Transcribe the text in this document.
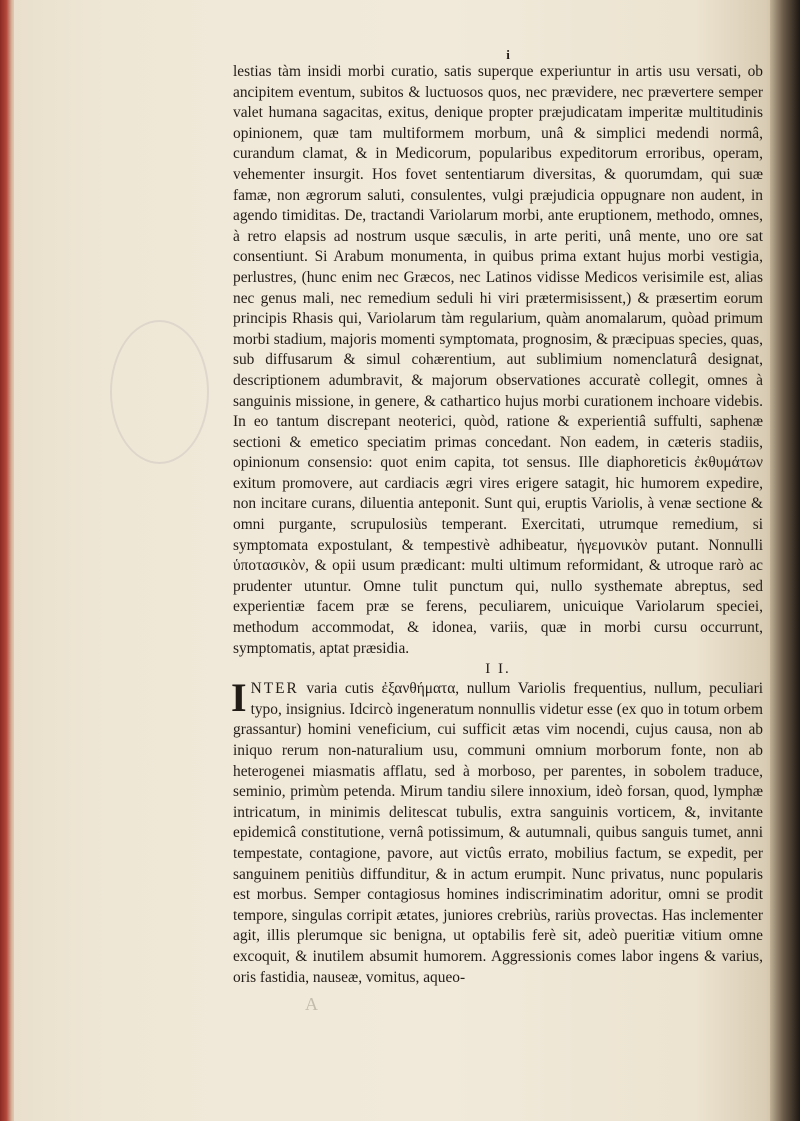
i

lestias tàm insidi morbi curatio, satis superque experiuntur in artis usu versati, ob ancipitem eventum, subitos & luctuosos quos, nec prævidere, nec prævertere semper valet humana sagacitas, exitus, denique propter præjudicatam imperitæ multitudinis opinionem, quæ tam multiformem morbum, unâ & simplici medendi normâ, curandum clamat, & in Medicorum, popularibus expeditorum erroribus, operam, vehementer insurgit. Hos fovet sententiarum diversitas, & quorumdam, qui suæ famæ, non ægrorum saluti, consulentes, vulgi præjudicia oppugnare non audent, in agendo timiditas. De, tractandi Variolarum morbi, ante eruptionem, methodo, omnes, à retro elapsis ad nostrum usque sæculis, in arte periti, unâ mente, uno ore sat consentiunt. Si Arabum monumenta, in quibus prima extant hujus morbi vestigia, perlustres, (hunc enim nec Græcos, nec Latinos vidisse Medicos verisimile est, alias nec genus mali, nec remedium seduli hi viri prætermisissent,) & præsertim eorum principis Rhasis qui, Variolarum tàm regularium, quàm anomalarum, quòad primum morbi stadium, majoris momenti symptomata, prognosim, & præcipuas species, quas, sub diffusarum & simul cohærentium, aut sublimium nomenclaturâ designat, descriptionem adumbravit, & majorum observationes accuratè collegit, omnes à sanguinis missione, in genere, & cathartico hujus morbi curationem inchoare videbis. In eo tantum discrepant neoterici, quòd, ratione & experientiâ suffulti, saphenæ sectioni & emetico speciatim primas concedant. Non eadem, in cæteris stadiis, opinionum consensio: quot enim capita, tot sensus. Ille diaphoreticis ἐκθυμάτων exitum promovere, aut cardiacis ægri vires erigere satagit, hic humorem expedire, non incitare curans, diluentia anteponit. Sunt qui, eruptis Variolis, à venæ sectione & omni purgante, scrupulosiùs temperant. Exercitati, utrumque remedium, si symptomata expostulant, & tempestivè adhibeatur, ἡγεμονικὸν putant. Nonnulli ὑποτασικὸν, & opii usum prædicant: multi ultimum reformidant, & utroque rarò ac prudenter utuntur. Omne tulit punctum qui, nullo systhemate abreptus, sed experientiæ facem præ se ferens, peculiarem, unicuique Variolarum speciei, methodum accommodat, & idonea, variis, quæ in morbi cursu occurrunt, symptomatis, aptat præsidia.

I I.

INTER varia cutis ἐξανθήματα, nullum Variolis frequentius, nullum, peculiari typo, insignius. Idcircò ingeneratum nonnullis videtur esse (ex quo in totum orbem grassantur) homini veneficium, cui sufficit ætas vim nocendi, cujus causa, non ab iniquo rerum non-naturalium usu, communi omnium morborum fonte, non ab heterogenei miasmatis afflatu, sed à morboso, per parentes, in sobolem traduce, seminio, primùm petenda. Mirum tandiu silere innoxium, ideò forsan, quod, lymphæ intricatum, in minimis delitescat tubulis, extra sanguinis vorticem, &, invitante epidemicâ constitutione, vernâ potissimum, & autumnali, quibus sanguis tumet, anni tempestate, contagione, pavore, aut victûs errato, mobilius factum, se expedit, per sanguinem penitiùs diffunditur, & in actum erumpit. Nunc privatus, nunc popularis est morbus. Semper contagiosus homines indiscriminatim adoritur, omni se prodit tempore, singulas corripit ætates, juniores crebriùs, rariùs provectas. Has inclementer agit, illis plerumque sic benigna, ut optabilis ferè sit, adeò pueritiæ vitium omne excoquit, & inutilem absumit humorem. Aggressionis comes labor ingens & varius, oris fastidia, nauseæ, vomitus, aqueo-

A
